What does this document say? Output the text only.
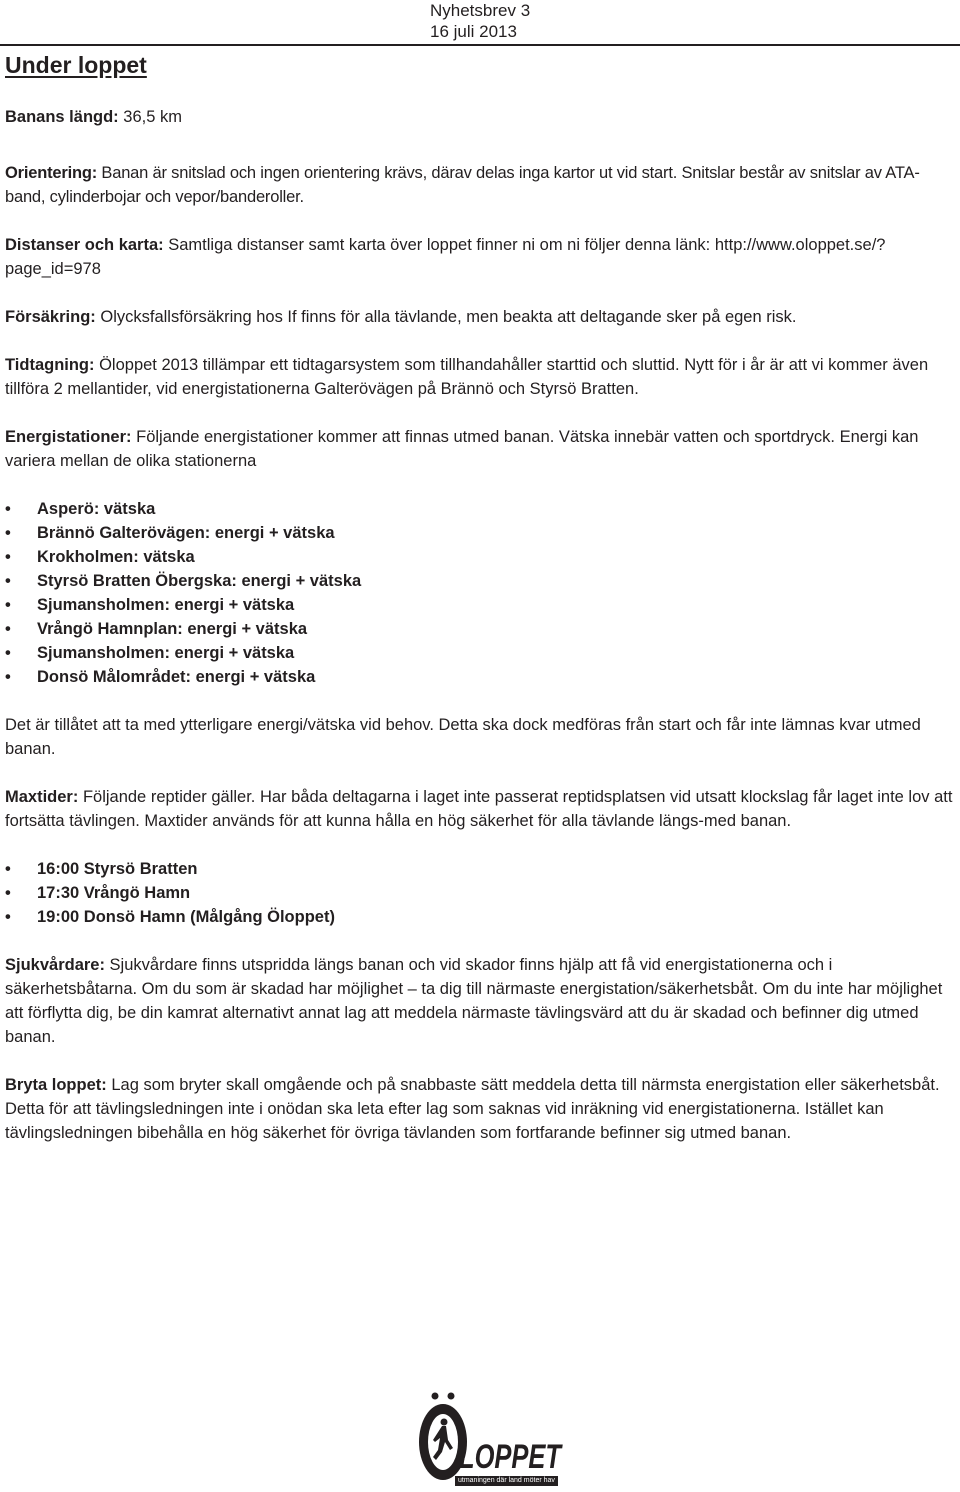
Nyhetsbrev 3
16 juli 2013
Under loppet

Banans längd: 36,5 km

Orientering: Banan är snitslad och ingen orientering krävs, därav delas inga kartor ut vid start. Snitslar består av snitslar av ATA-band, cylinderbojar och vepor/banderoller.

Distanser och karta: Samtliga distanser samt karta över loppet finner ni om ni följer denna länk: http://www.oloppet.se/?page_id=978

Försäkring: Olycksfallsförsäkring hos If finns för alla tävlande, men beakta att deltagande sker på egen risk.

Tidtagning: Öloppet 2013 tillämpar ett tidtagarsystem som tillhandahåller starttid och sluttid. Nytt för i år är att vi kommer även tillföra 2 mellantider, vid energistationerna Galterövägen på Brännö och Styrsö Bratten.

Energistationer: Följande energistationer kommer att finnas utmed banan. Vätska innebär vatten och sportdryck. Energi kan variera mellan de olika stationerna

• Asperö: vätska
• Brännö Galterövägen: energi + vätska
• Krokholmen: vätska
• Styrsö Bratten Öbergska: energi + vätska
• Sjumansholmen: energi + vätska
• Vrångö Hamnplan: energi + vätska
• Sjumansholmen: energi + vätska
• Donsö Målområdet: energi + vätska

Det är tillåtet att ta med ytterligare energi/vätska vid behov. Detta ska dock medföras från start och får inte lämnas kvar utmed banan.

Maxtider: Följande reptider gäller. Har båda deltagarna i laget inte passerat reptidsplatsen vid utsatt klockslag får laget inte lov att fortsätta tävlingen. Maxtider används för att kunna hålla en hög säkerhet för alla tävlande längs-med banan.

• 16:00 Styrsö Bratten
• 17:30 Vrångö Hamn
• 19:00 Donsö Hamn (Målgång Öloppet)

Sjukvårdare: Sjukvårdare finns utspridda längs banan och vid skador finns hjälp att få vid energistationerna och i säkerhetsbåtarna. Om du som är skadad har möjlighet – ta dig till närmaste energistation/säkerhetsbåt. Om du inte har möjlighet att förflytta dig, be din kamrat alternativt annat lag att meddela närmaste tävlingsvärd att du är skadad och befinner dig utmed banan.

Bryta loppet: Lag som bryter skall omgående och på snabbaste sätt meddela detta till närmsta energistation eller säkerhetsbåt. Detta för att tävlingsledningen inte i onödan ska leta efter lag som saknas vid inräkning vid energistationerna. Istället kan tävlingsledningen bibehålla en hög säkerhet för övriga tävlanden som fortfarande befinner sig utmed banan.

LOPPET
utmaningen där land möter hav
